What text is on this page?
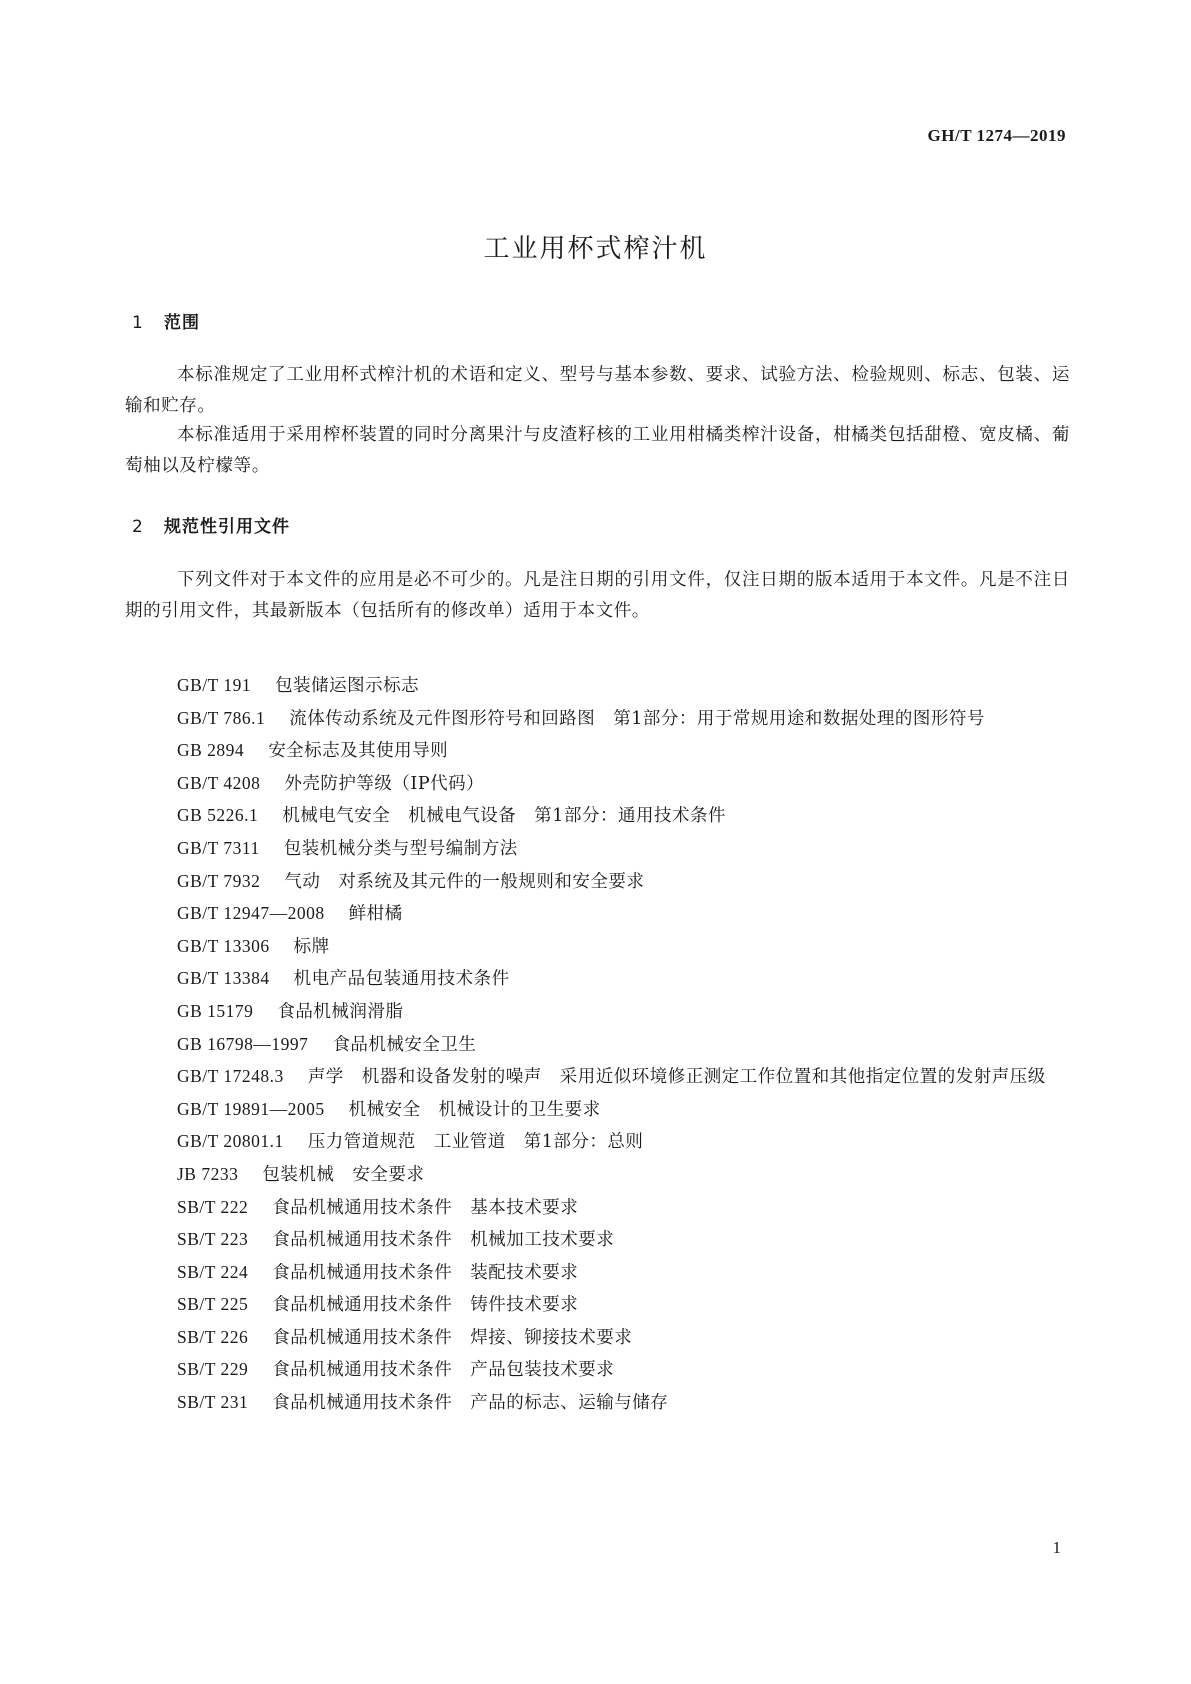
GH/T 1274—2019
工业用杯式榨汁机
1 范围

本标准规定了工业用杯式榨汁机的术语和定义、型号与基本参数、要求、试验方法、检验规则、标志、包装、运输和贮存。

本标准适用于采用榨杯装置的同时分离果汁与皮渣籽核的工业用柑橘类榨汁设备，柑橘类包括甜橙、宽皮橘、葡萄柚以及柠檬等。

2 规范性引用文件

下列文件对于本文件的应用是必不可少的。凡是注日期的引用文件，仅注日期的版本适用于本文件。凡是不注日期的引用文件，其最新版本（包括所有的修改单）适用于本文件。

GB/T 191 包装储运图示标志
GB/T 786.1 流体传动系统及元件图形符号和回路图　第1部分：用于常规用途和数据处理的图形符号
GB 2894 安全标志及其使用导则
GB/T 4208 外壳防护等级（IP代码）
GB 5226.1 机械电气安全　机械电气设备　第1部分：通用技术条件
GB/T 7311 包装机械分类与型号编制方法
GB/T 7932 气动　对系统及其元件的一般规则和安全要求
GB/T 12947—2008 鲜柑橘
GB/T 13306 标牌
GB/T 13384 机电产品包装通用技术条件
GB 15179 食品机械润滑脂
GB 16798—1997 食品机械安全卫生
GB/T 17248.3 声学　机器和设备发射的噪声　采用近似环境修正测定工作位置和其他指定位置的发射声压级
GB/T 19891—2005 机械安全　机械设计的卫生要求
GB/T 20801.1 压力管道规范　工业管道　第1部分：总则
JB 7233 包装机械　安全要求
SB/T 222 食品机械通用技术条件　基本技术要求
SB/T 223 食品机械通用技术条件　机械加工技术要求
SB/T 224 食品机械通用技术条件　装配技术要求
SB/T 225 食品机械通用技术条件　铸件技术要求
SB/T 226 食品机械通用技术条件　焊接、铆接技术要求
SB/T 229 食品机械通用技术条件　产品包装技术要求
SB/T 231 食品机械通用技术条件　产品的标志、运输与储存
1
